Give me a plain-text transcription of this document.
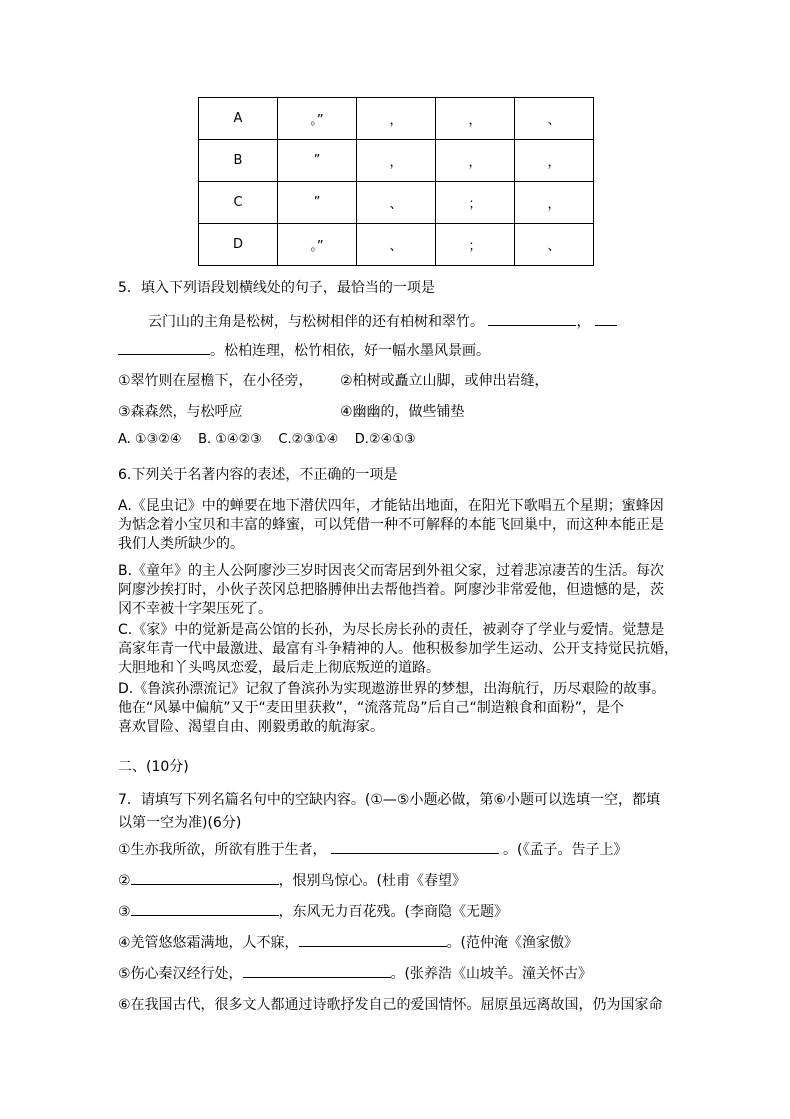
A	。”	，	，	、
B	”	，	，	，
C	”	、	；	，
D	。”	、	；	、
5．填入下列语段划横线处的句子，最恰当的一项是
云门山的主角是松树，与松树相伴的还有柏树和翠竹。	，
。松柏连理，松竹相依，好一幅水墨风景画。
①翠竹则在屋檐下，在小径旁， ②柏树或矗立山脚，或伸出岩缝，
③森森然，与松呼应	④幽幽的，做些铺垫
A. ①③②④ B. ①④②③ C.②③①④ D.②④①③
6.下列关于名著内容的表述，不正确的一项是
A.《昆虫记》中的蝉要在地下潜伏四年，才能钻出地面，在阳光下歌唱五个星期；蜜蜂因
为惦念着小宝贝和丰富的蜂蜜，可以凭借一种不可解释的本能飞回巢中，而这种本能正是
我们人类所缺少的。
B.《童年》的主人公阿廖沙三岁时因丧父而寄居到外祖父家，过着悲凉凄苦的生活。每次
阿廖沙挨打时，小伙子茨冈总把胳膊伸出去帮他挡着。阿廖沙非常爱他，但遗憾的是，茨
冈不幸被十字架压死了。
C.《家》中的觉新是高公馆的长孙，为尽长房长孙的责任，被剥夺了学业与爱情。觉慧是
高家年青一代中最激进、最富有斗争精神的人。他积极参加学生运动、公开支持觉民抗婚，
大胆地和丫头鸣凤恋爱，最后走上彻底叛逆的道路。
D.《鲁滨孙漂流记》记叙了鲁滨孙为实现遨游世界的梦想，出海航行，历尽艰险的故事。
他在“风暴中偏航”又于“麦田里获救”，“流落荒岛”后自己“制造粮食和面粉”，是个
喜欢冒险、渴望自由、刚毅勇敢的航海家。
二、(10分)
7．请填写下列名篇名句中的空缺内容。(①—⑤小题必做，第⑥小题可以选填一空，都填
以第一空为准)(6分)
①生亦我所欲，所欲有胜于生者，	。(《孟子。告子上》
②	，恨别鸟惊心。(杜甫《春望》
③	，东风无力百花残。(李商隐《无题》
④羌管悠悠霜满地，人不寐，	。(范仲淹《渔家傲》
⑤伤心秦汉经行处，	。(张养浩《山坡羊。潼关怀古》
⑥在我国古代，很多文人都通过诗歌抒发自己的爱国情怀。屈原虽远离故国，仍为国家命
